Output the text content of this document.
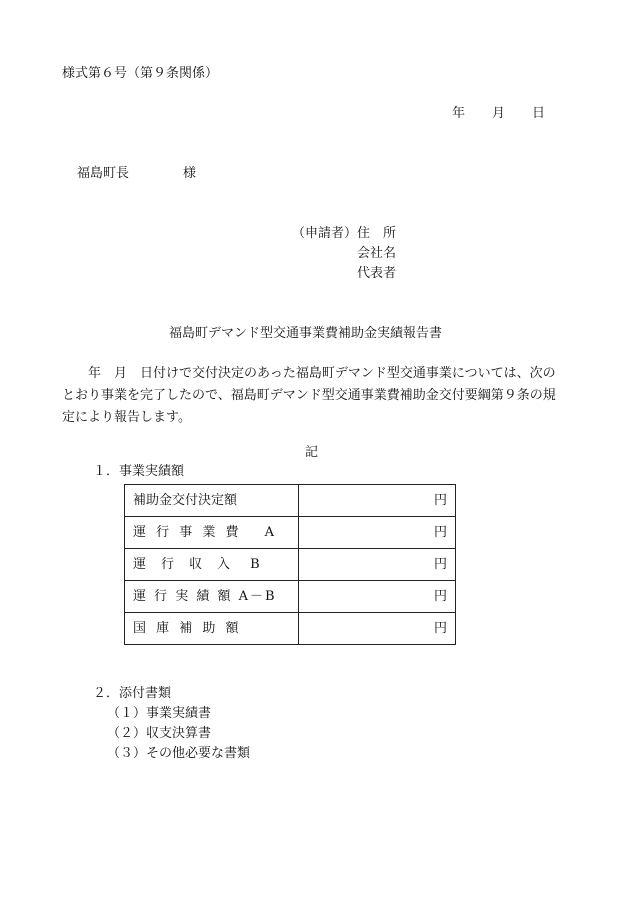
様式第６号（第９条関係）
年 月 日
福島町長	様
（申請者） 住　所
会社名
代表者
福島町デマンド型交通事業費補助金実績報告書
年　月　日付けで交付決定のあった福島町デマンド型交通事業については、次のとおり事業を完了したので、福島町デマンド型交通事業費補助金交付要綱第９条の規定により報告します。
記
１．事業実績額
補助金交付決定額	円
運 行 事 業 費　 A	円
運　行　収　入　 B	円
運 行 実 績 額 A－B	円
国 庫 補 助 額	円
２．添付書類
（１）事業実績書
（２）収支決算書
（３）その他必要な書類
